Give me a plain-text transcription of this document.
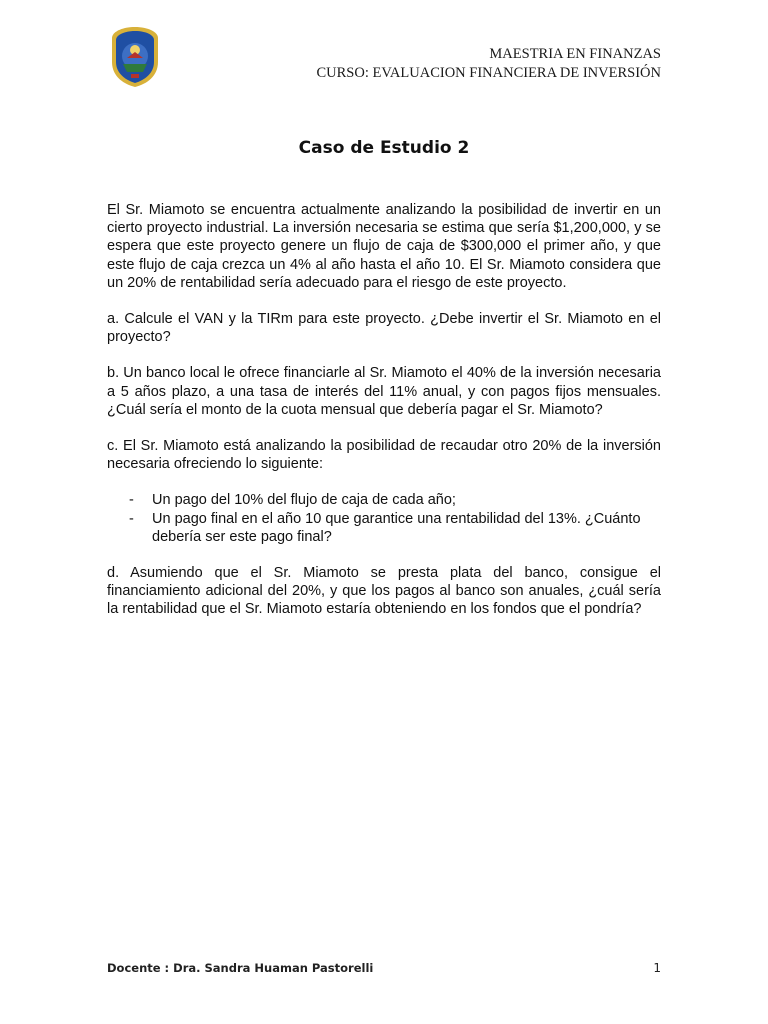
MAESTRIA EN FINANZAS
CURSO: EVALUACION FINANCIERA DE INVERSIÓN
Caso de Estudio 2

El Sr. Miamoto se encuentra actualmente analizando la posibilidad de invertir en un cierto proyecto industrial. La inversión necesaria se estima que sería $1,200,000, y se espera que este proyecto genere un flujo de caja de $300,000 el primer año, y que este flujo de caja crezca un 4% al año hasta el año 10. El Sr. Miamoto considera que un 20% de rentabilidad sería adecuado para el riesgo de este proyecto.

a. Calcule el VAN y la TIRm para este proyecto. ¿Debe invertir el Sr. Miamoto en el proyecto?

b. Un banco local le ofrece financiarle al Sr. Miamoto el 40% de la inversión necesaria a 5 años plazo, a una tasa de interés del 11% anual, y con pagos fijos mensuales. ¿Cuál sería el monto de la cuota mensual que debería pagar el Sr. Miamoto?

c. El Sr. Miamoto está analizando la posibilidad de recaudar otro 20% de la inversión necesaria ofreciendo lo siguiente:

- Un pago del 10% del flujo de caja de cada año;
- Un pago final en el año 10 que garantice una rentabilidad del 13%. ¿Cuánto debería ser este pago final?

d. Asumiendo que el Sr. Miamoto se presta plata del banco, consigue el financiamiento adicional del 20%, y que los pagos al banco son anuales, ¿cuál sería la rentabilidad que el Sr. Miamoto estaría obteniendo en los fondos que el pondría?

Docente : Dra. Sandra Huaman Pastorelli	1
